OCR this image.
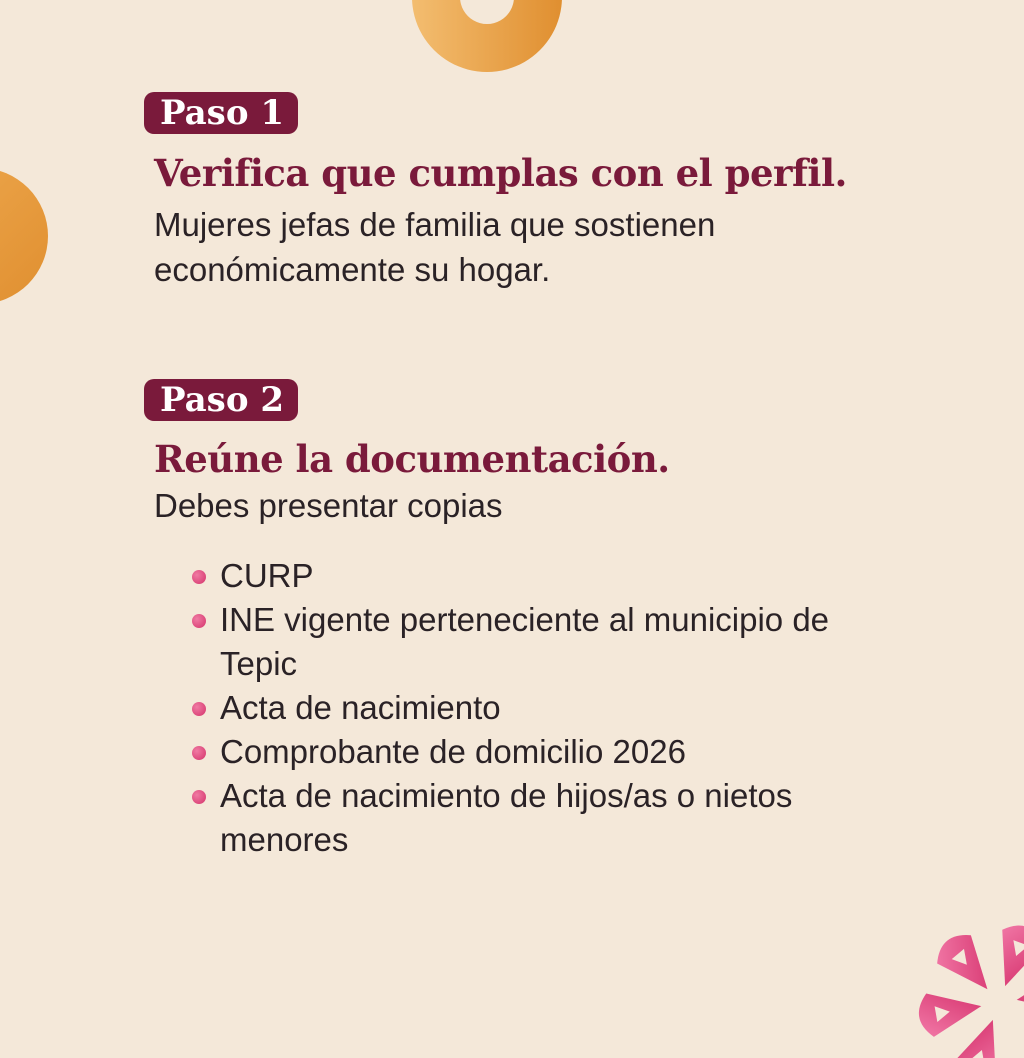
Paso 1
Verifica que cumplas con el perfil.

Mujeres jefas de familia que sostienen económicamente su hogar.

Paso 2
Reúne la documentación.

Debes presentar copias

CURP
INE vigente perteneciente al municipio de Tepic
Acta de nacimiento
Comprobante de domicilio 2026
Acta de nacimiento de hijos/as o nietos menores
